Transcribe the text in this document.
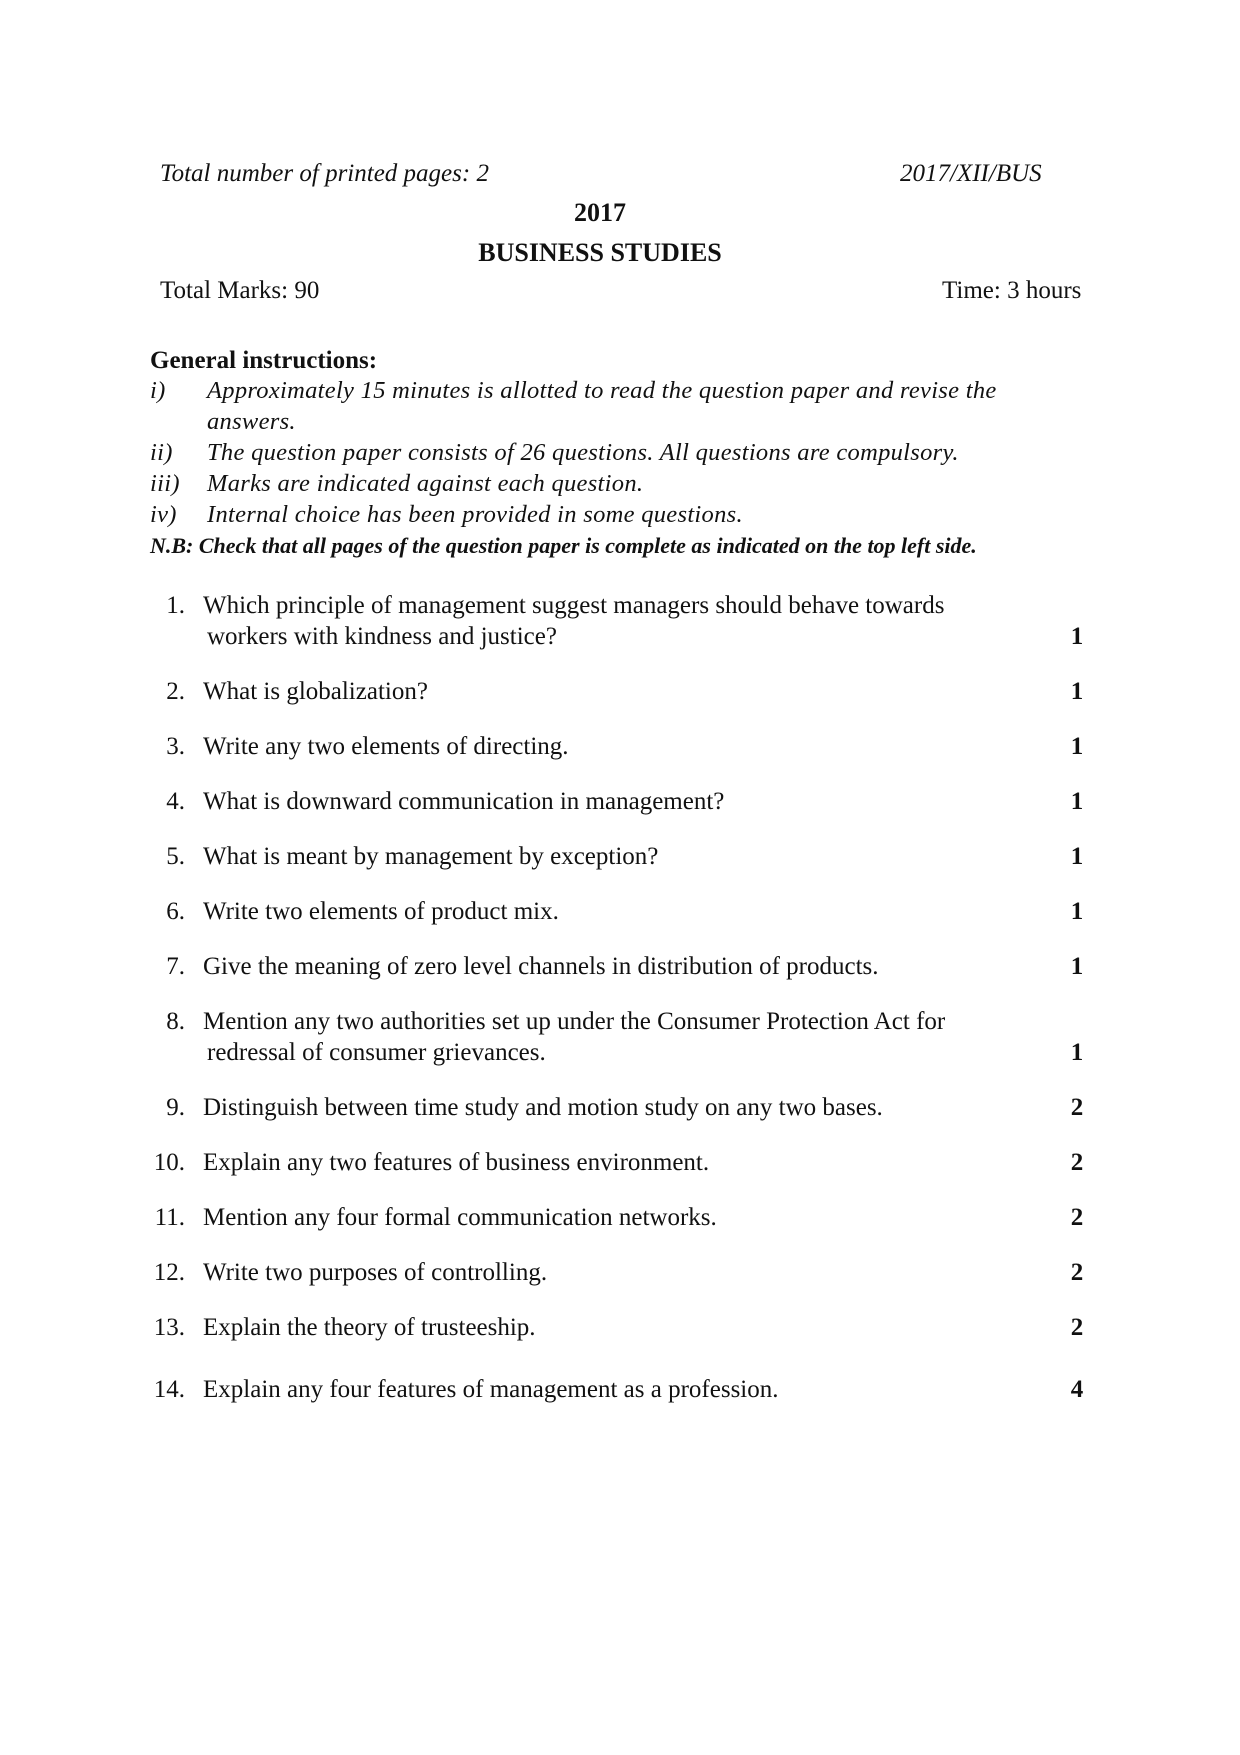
Total number of printed pages: 2	2017/XII/BUS
2017
BUSINESS STUDIES
Total Marks: 90	Time: 3 hours
General instructions:
i) Approximately 15 minutes is allotted to read the question paper and revise the
answers.
ii) The question paper consists of 26 questions. All questions are compulsory.
iii) Marks are indicated against each question.
iv) Internal choice has been provided in some questions.
N.B: Check that all pages of the question paper is complete as indicated on the top left side.
1. Which principle of management suggest managers should behave towards
workers with kindness and justice?	1
2. What is globalization?	1
3. Write any two elements of directing.	1
4. What is downward communication in management?	1
5. What is meant by management by exception?	1
6. Write two elements of product mix.	1
7. Give the meaning of zero level channels in distribution of products.	1
8. Mention any two authorities set up under the Consumer Protection Act for
redressal of consumer grievances.	1
9. Distinguish between time study and motion study on any two bases.	2
10. Explain any two features of business environment.	2
11. Mention any four formal communication networks.	2
12. Write two purposes of controlling.	2
13. Explain the theory of trusteeship.	2
14. Explain any four features of management as a profession.	4
